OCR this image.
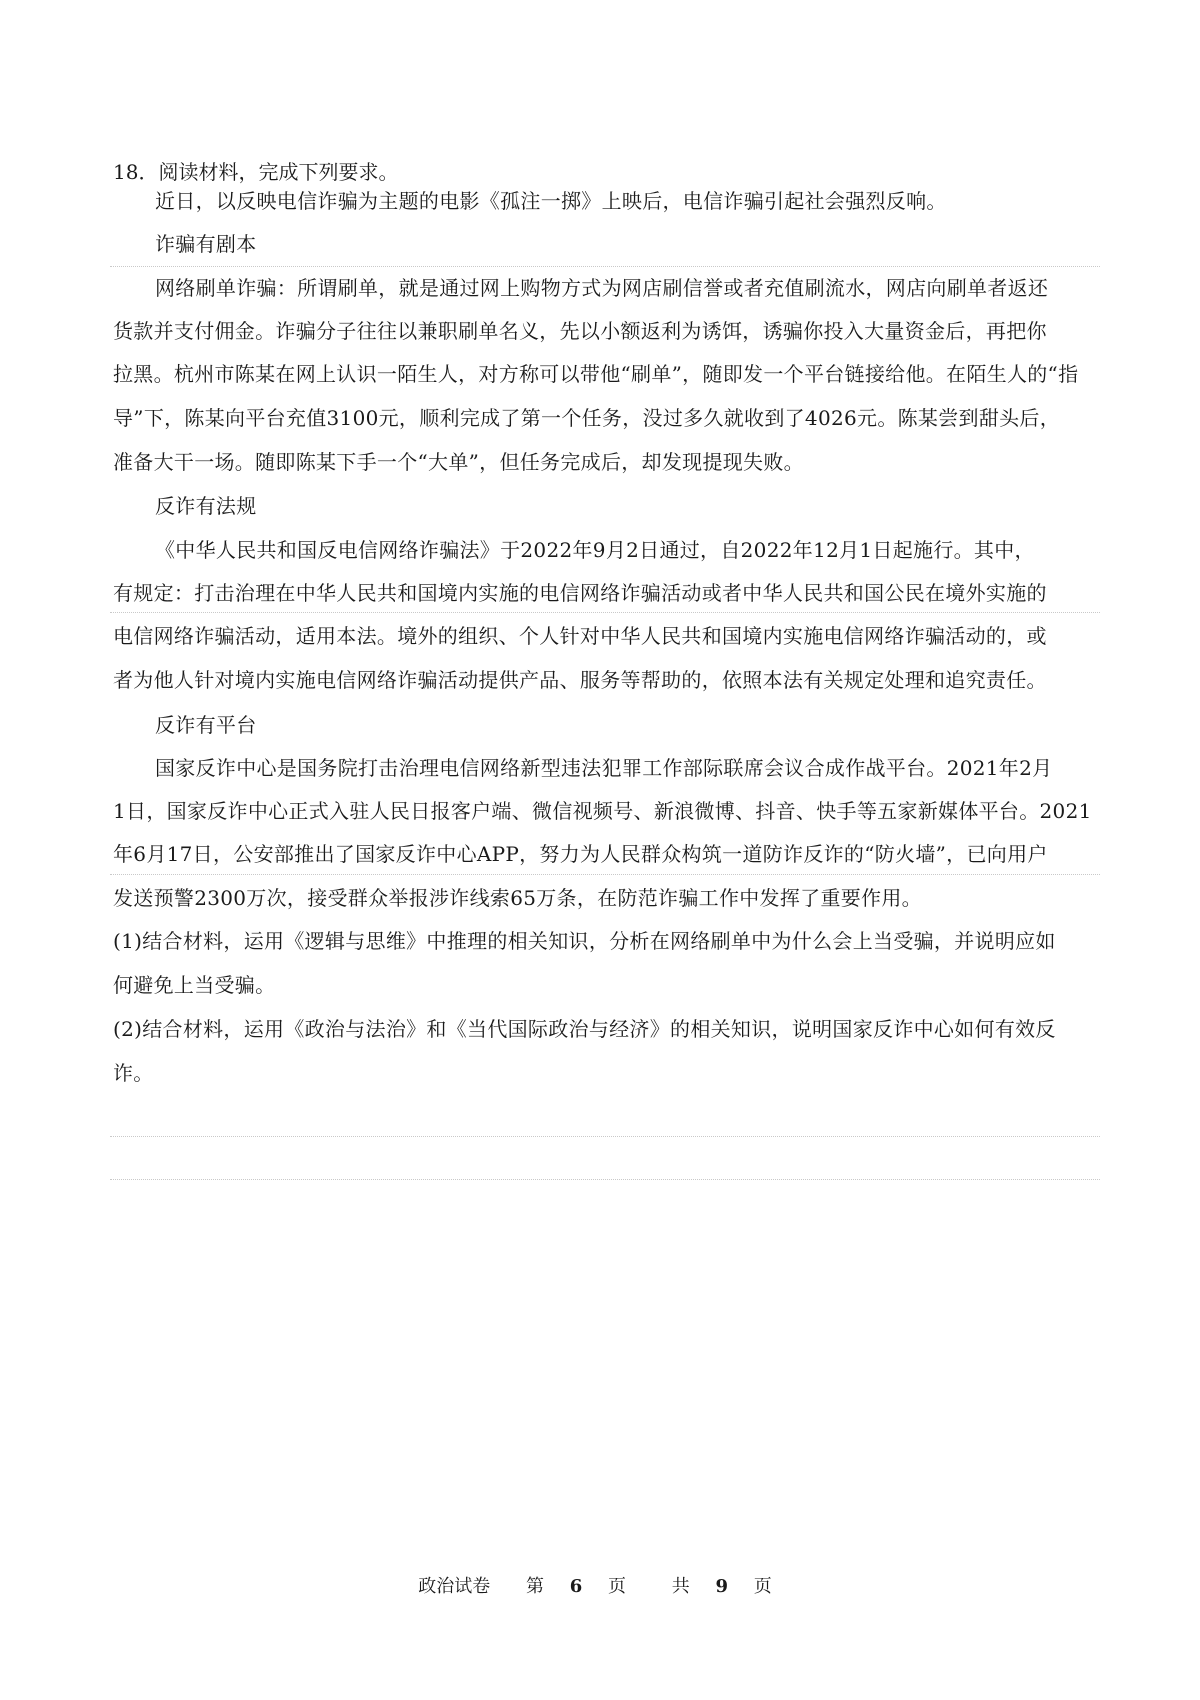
18．阅读材料，完成下列要求。
近日，以反映电信诈骗为主题的电影《孤注一掷》上映后，电信诈骗引起社会强烈反响。
诈骗有剧本
网络刷单诈骗：所谓刷单，就是通过网上购物方式为网店刷信誉或者充值刷流水，网店向刷单者返还
货款并支付佣金。诈骗分子往往以兼职刷单名义，先以小额返利为诱饵，诱骗你投入大量资金后，再把你
拉黑。杭州市陈某在网上认识一陌生人，对方称可以带他“刷单”，随即发一个平台链接给他。在陌生人的“指
导”下，陈某向平台充值3100元，顺利完成了第一个任务，没过多久就收到了4026元。陈某尝到甜头后，
准备大干一场。随即陈某下手一个“大单”，但任务完成后，却发现提现失败。
反诈有法规
《中华人民共和国反电信网络诈骗法》于2022年9月2日通过，自2022年12月1日起施行。其中，
有规定：打击治理在中华人民共和国境内实施的电信网络诈骗活动或者中华人民共和国公民在境外实施的
电信网络诈骗活动，适用本法。境外的组织、个人针对中华人民共和国境内实施电信网络诈骗活动的，或
者为他人针对境内实施电信网络诈骗活动提供产品、服务等帮助的，依照本法有关规定处理和追究责任。
反诈有平台
国家反诈中心是国务院打击治理电信网络新型违法犯罪工作部际联席会议合成作战平台。2021年2月
1日，国家反诈中心正式入驻人民日报客户端、微信视频号、新浪微博、抖音、快手等五家新媒体平台。2021
年6月17日，公安部推出了国家反诈中心APP，努力为人民群众构筑一道防诈反诈的“防火墙”，已向用户
发送预警2300万次，接受群众举报涉诈线索65万条，在防范诈骗工作中发挥了重要作用。
(1)结合材料，运用《逻辑与思维》中推理的相关知识，分析在网络刷单中为什么会上当受骗，并说明应如
何避免上当受骗。
(2)结合材料，运用《政治与法治》和《当代国际政治与经济》的相关知识，说明国家反诈中心如何有效反
诈。
政治试卷 第 6 页	共 9 页
